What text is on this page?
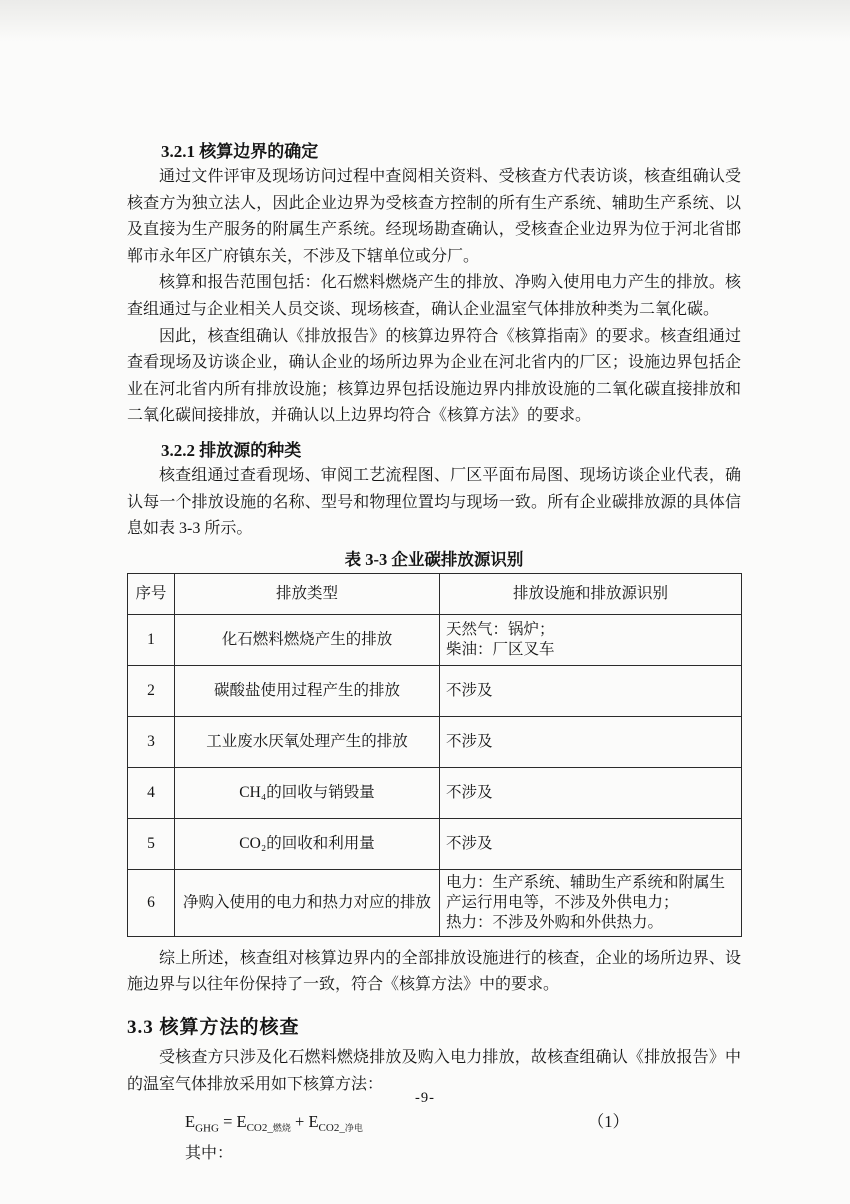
3.2.1 核算边界的确定

通过文件评审及现场访问过程中查阅相关资料、受核查方代表访谈，核查组确认受核查方为独立法人，因此企业边界为受核查方控制的所有生产系统、辅助生产系统、以及直接为生产服务的附属生产系统。经现场勘查确认，受核查企业边界为位于河北省邯郸市永年区广府镇东关，不涉及下辖单位或分厂。

核算和报告范围包括：化石燃料燃烧产生的排放、净购入使用电力产生的排放。核查组通过与企业相关人员交谈、现场核查，确认企业温室气体排放种类为二氧化碳。

因此，核查组确认《排放报告》的核算边界符合《核算指南》的要求。核查组通过查看现场及访谈企业，确认企业的场所边界为企业在河北省内的厂区；设施边界包括企业在河北省内所有排放设施；核算边界包括设施边界内排放设施的二氧化碳直接排放和二氧化碳间接排放，并确认以上边界均符合《核算方法》的要求。

3.2.2 排放源的种类

核查组通过查看现场、审阅工艺流程图、厂区平面布局图、现场访谈企业代表，确认每一个排放设施的名称、型号和物理位置均与现场一致。所有企业碳排放源的具体信息如表 3-3 所示。

表 3-3 企业碳排放源识别
序号	排放类型	排放设施和排放源识别
1	化石燃料燃烧产生的排放	天然气：锅炉；
柴油：厂区叉车

2	碳酸盐使用过程产生的排放	不涉及

3	工业废水厌氧处理产生的排放	不涉及

4	CH₄的回收与销毁量	不涉及

5	CO₂的回收和利用量	不涉及

6	净购入使用的电力和热力对应的排放	电力：生产系统、辅助生产系统和附属生产运行用电等，不涉及外供电力；
热力：不涉及外购和外供热力。

综上所述，核查组对核算边界内的全部排放设施进行的核查，企业的场所边界、设施边界与以往年份保持了一致，符合《核算方法》中的要求。

3.3 核算方法的核查

受核查方只涉及化石燃料燃烧排放及购入电力排放，故核查组确认《排放报告》中的温室气体排放采用如下核算方法：

$E_{GHG} = E_{CO2\_燃烧} + E_{CO2\_净电}$	（1）
其中：
-9-
